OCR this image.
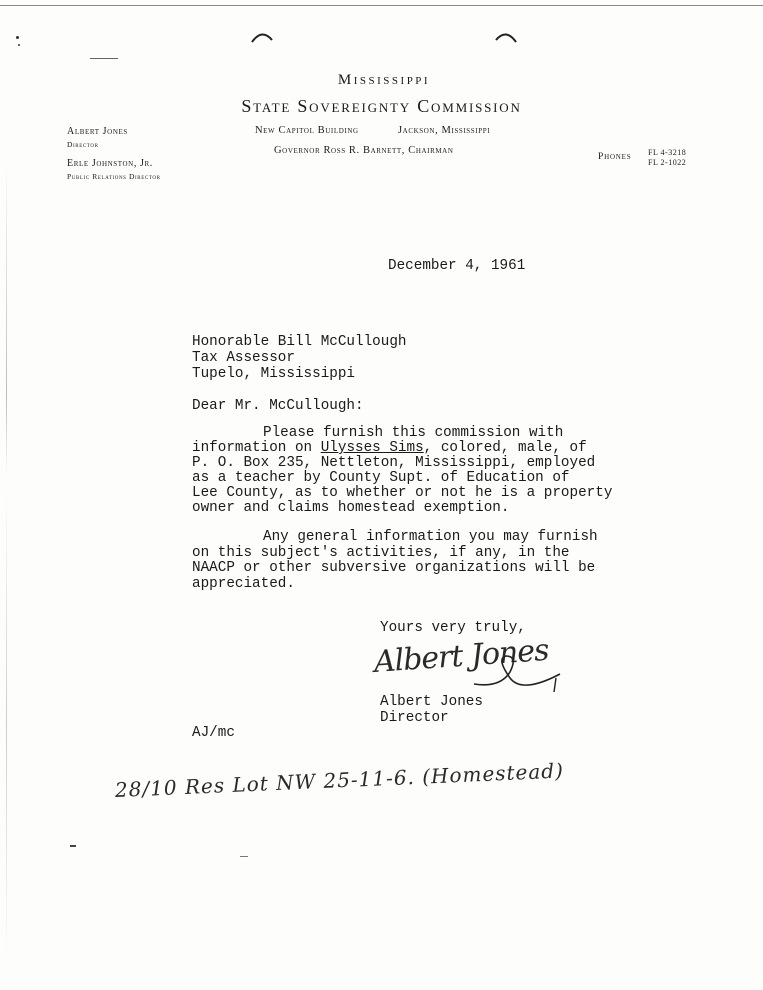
Mississippi
State Sovereignty Commission
New Capitol Building	Jackson, Mississippi
Governor Ross R. Barnett, Chairman
Albert Jones
Director
Erle Johnston, Jr.
Public Relations Director
Phones FL 4-3218
FL 2-1022
December 4, 1961
Honorable Bill McCullough
Tax Assessor
Tupelo, Mississippi
Dear Mr. McCullough:
Please furnish this commission with
information on Ulysses Sims, colored, male, of
P. O. Box 235, Nettleton, Mississippi, employed
as a teacher by County Supt. of Education of
Lee County, as to whether or not he is a property
owner and claims homestead exemption.
Any general information you may furnish
on this subject's activities, if any, in the
NAACP or other subversive organizations will be
appreciated.
Yours very truly,
Albert Jones
Albert Jones
Director
AJ/mc
28/10 Res Lot NW 25-11-6. (Homestead)
